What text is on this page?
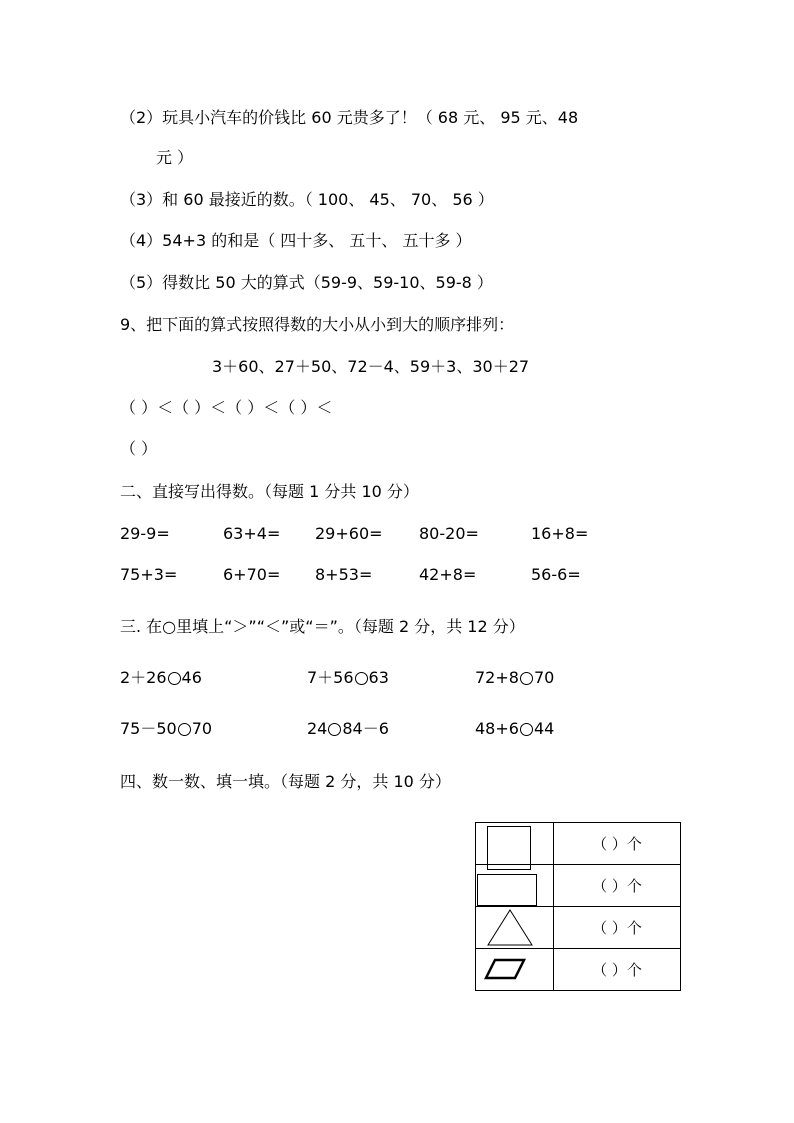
（2）玩具小汽车的价钱比 60 元贵多了！（ 68 元、 95 元、48
元 ）
（3）和 60 最接近的数。（ 100、 45、 70、 56 ）
（4）54+3 的和是（ 四十多、 五十、 五十多 ）
（5）得数比 50 大的算式（59-9、59-10、59-8 ）
9、把下面的算式按照得数的大小从小到大的顺序排列：
3＋60、27＋50、72－4、59＋3、30＋27
（ ）＜（ ）＜（ ）＜（ ）＜
（ ）
二、直接写出得数。（每题 1 分共 10 分）
29-9=	63+4= 29+60= 80-20=	16+8=
75+3=	6+70= 8+53=	42+8=	56-6=
三. 在○里填上“＞”“＜”或“＝”。（每题 2 分，共 12 分）
2＋26 46	7＋56 63	72+8 70
75－50 70	24 84－6	48+6 44
四、数一数、填一填。（每题 2 分，共 10 分）
	（ ）个

	（ ）个

	（ ）个

	（ ）个
